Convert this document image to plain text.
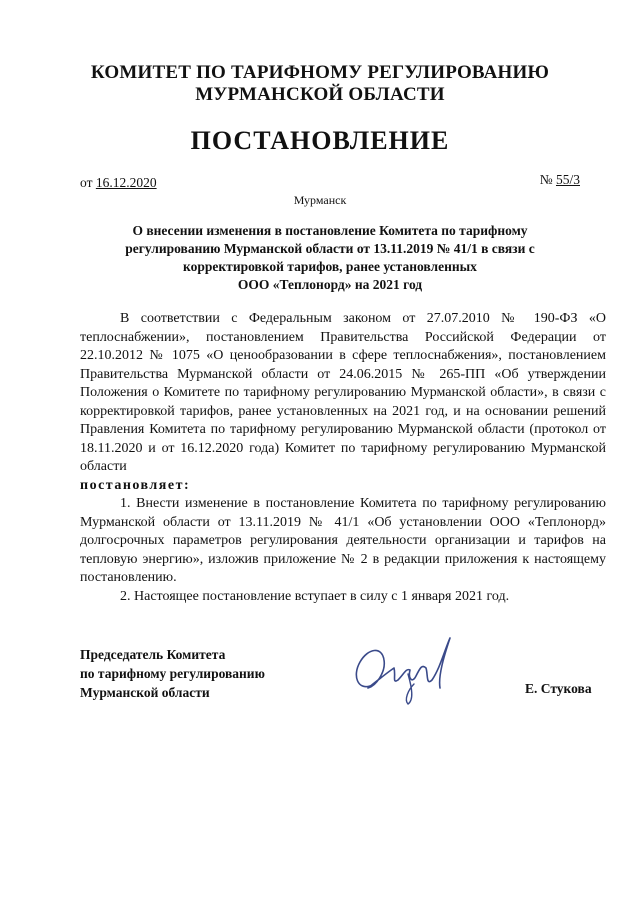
КОМИТЕТ ПО ТАРИФНОМУ РЕГУЛИРОВАНИЮ
МУРМАНСКОЙ ОБЛАСТИ
ПОСТАНОВЛЕНИЕ
от 16.12.2020	№ 55/3
Мурманск
О внесении изменения в постановление Комитета по тарифному
регулированию Мурманской области от 13.11.2019 № 41/1 в связи с
корректировкой тарифов, ранее установленных
ООО «Теплонорд» на 2021 год

В соответствии с Федеральным законом от 27.07.2010 № 190-ФЗ «О теплоснабжении», постановлением Правительства Российской Федерации от 22.10.2012 № 1075 «О ценообразовании в сфере теплоснабжения», постановлением Правительства Мурманской области от 24.06.2015 № 265-ПП «Об утверждении Положения о Комитете по тарифному регулированию Мурманской области», в связи с корректировкой тарифов, ранее установленных на 2021 год, и на основании решений Правления Комитета по тарифному регулированию Мурманской области (протокол от 18.11.2020 и от 16.12.2020 года) Комитет по тарифному регулированию Мурманской области

постановляет:

1. Внести изменение в постановление Комитета по тарифному регулированию Мурманской области от 13.11.2019 № 41/1 «Об установлении ООО «Теплонорд» долгосрочных параметров регулирования деятельности организации и тарифов на тепловую энергию», изложив приложение № 2 в редакции приложения к настоящему постановлению.

2. Настоящее постановление вступает в силу с 1 января 2021 год.

Председатель Комитета
по тарифному регулированию
Мурманской области	Е. Стукова
